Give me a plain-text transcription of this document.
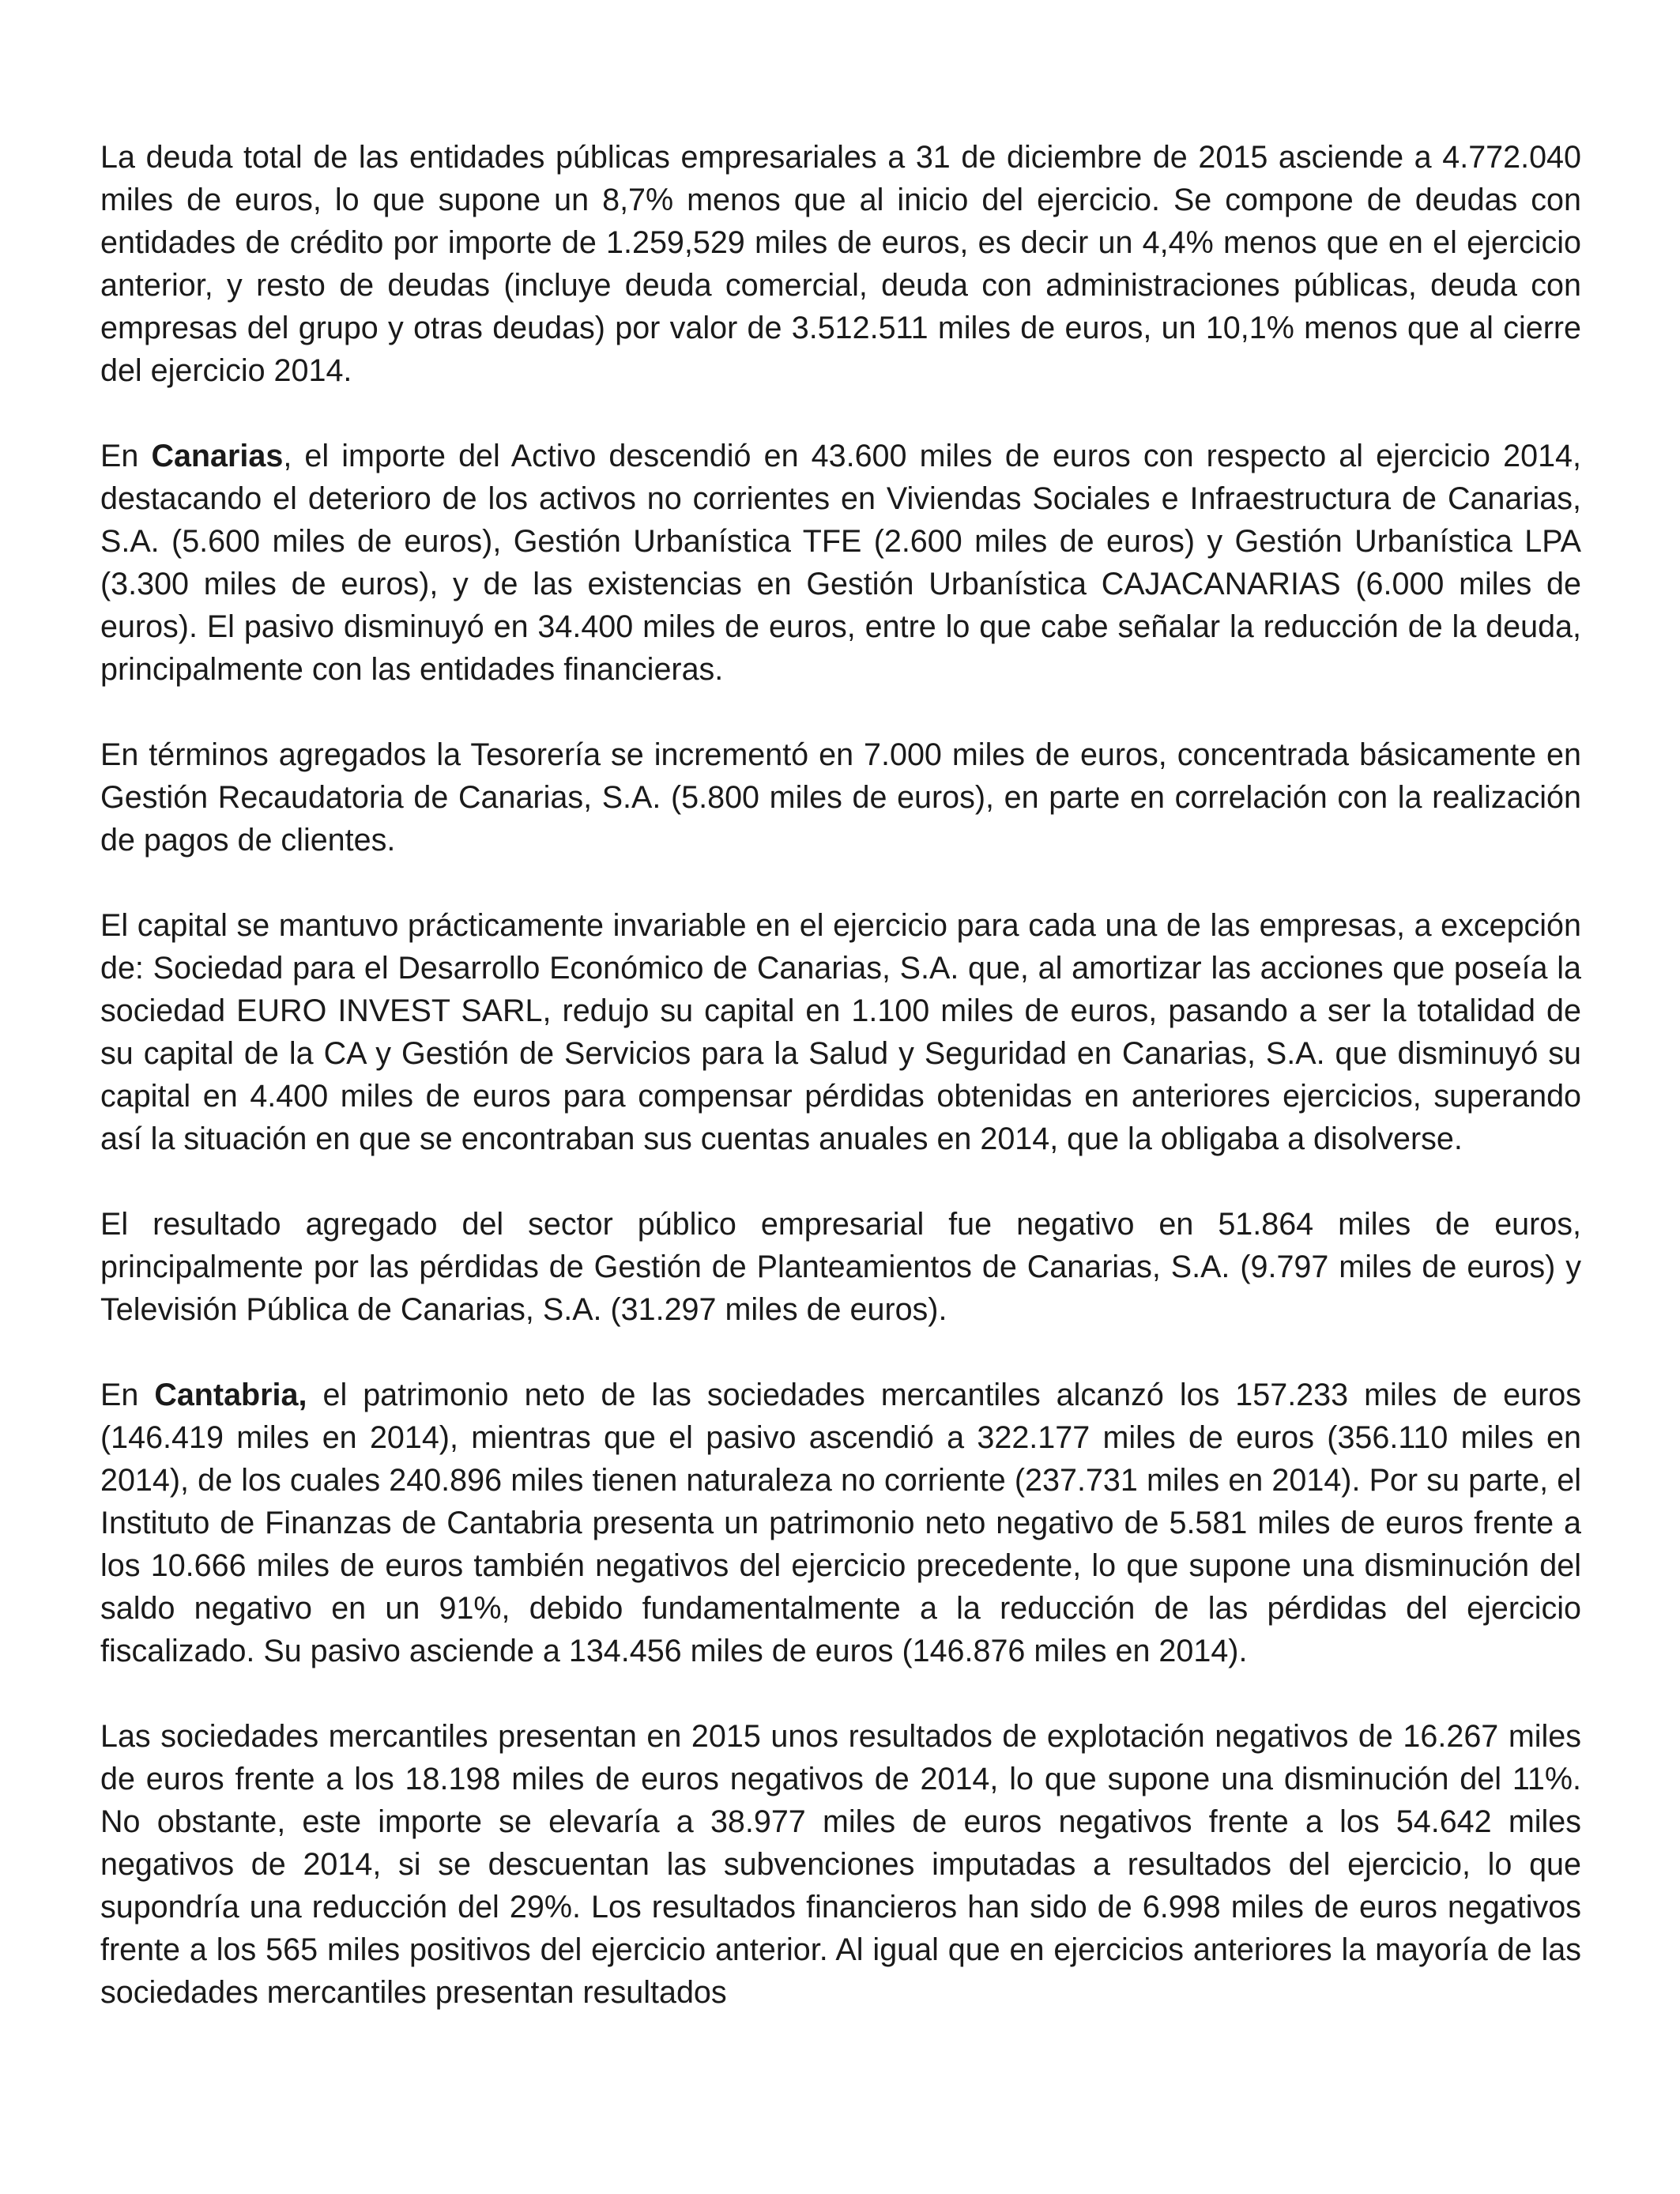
La deuda total de las entidades públicas empresariales a 31 de diciembre de 2015 asciende a 4.772.040 miles de euros, lo que supone un 8,7% menos que al inicio del ejercicio. Se compone de deudas con entidades de crédito por importe de 1.259,529 miles de euros, es decir un 4,4% menos que en el ejercicio anterior, y resto de deudas (incluye deuda comercial, deuda con administraciones públicas, deuda con empresas del grupo y otras deudas) por valor de 3.512.511 miles de euros, un 10,1% menos que al cierre del ejercicio 2014.

En Canarias, el importe del Activo descendió en 43.600 miles de euros con respecto al ejercicio 2014, destacando el deterioro de los activos no corrientes en Viviendas Sociales e Infraestructura de Canarias, S.A. (5.600 miles de euros), Gestión Urbanística TFE (2.600 miles de euros) y Gestión Urbanística LPA (3.300 miles de euros), y de las existencias en Gestión Urbanística CAJACANARIAS (6.000 miles de euros). El pasivo disminuyó en 34.400 miles de euros, entre lo que cabe señalar la reducción de la deuda, principalmente con las entidades financieras.

En términos agregados la Tesorería se incrementó en 7.000 miles de euros, concentrada básicamente en Gestión Recaudatoria de Canarias, S.A. (5.800 miles de euros), en parte en correlación con la realización de pagos de clientes.

El capital se mantuvo prácticamente invariable en el ejercicio para cada una de las empresas, a excepción de: Sociedad para el Desarrollo Económico de Canarias, S.A. que, al amortizar las acciones que poseía la sociedad EURO INVEST SARL, redujo su capital en 1.100 miles de euros, pasando a ser la totalidad de su capital de la CA y Gestión de Servicios para la Salud y Seguridad en Canarias, S.A. que disminuyó su capital en 4.400 miles de euros para compensar pérdidas obtenidas en anteriores ejercicios, superando así la situación en que se encontraban sus cuentas anuales en 2014, que la obligaba a disolverse.

El resultado agregado del sector público empresarial fue negativo en 51.864 miles de euros, principalmente por las pérdidas de Gestión de Planteamientos de Canarias, S.A. (9.797 miles de euros) y Televisión Pública de Canarias, S.A. (31.297 miles de euros).

En Cantabria, el patrimonio neto de las sociedades mercantiles alcanzó los 157.233 miles de euros (146.419 miles en 2014), mientras que el pasivo ascendió a 322.177 miles de euros (356.110 miles en 2014), de los cuales 240.896 miles tienen naturaleza no corriente (237.731 miles en 2014). Por su parte, el Instituto de Finanzas de Cantabria presenta un patrimonio neto negativo de 5.581 miles de euros frente a los 10.666 miles de euros también negativos del ejercicio precedente, lo que supone una disminución del saldo negativo en un 91%, debido fundamentalmente a la reducción de las pérdidas del ejercicio fiscalizado. Su pasivo asciende a 134.456 miles de euros (146.876 miles en 2014).

Las sociedades mercantiles presentan en 2015 unos resultados de explotación negativos de 16.267 miles de euros frente a los 18.198 miles de euros negativos de 2014, lo que supone una disminución del 11%. No obstante, este importe se elevaría a 38.977 miles de euros negativos frente a los 54.642 miles negativos de 2014, si se descuentan las subvenciones imputadas a resultados del ejercicio, lo que supondría una reducción del 29%. Los resultados financieros han sido de 6.998 miles de euros negativos frente a los 565 miles positivos del ejercicio anterior. Al igual que en ejercicios anteriores la mayoría de las sociedades mercantiles presentan resultados
